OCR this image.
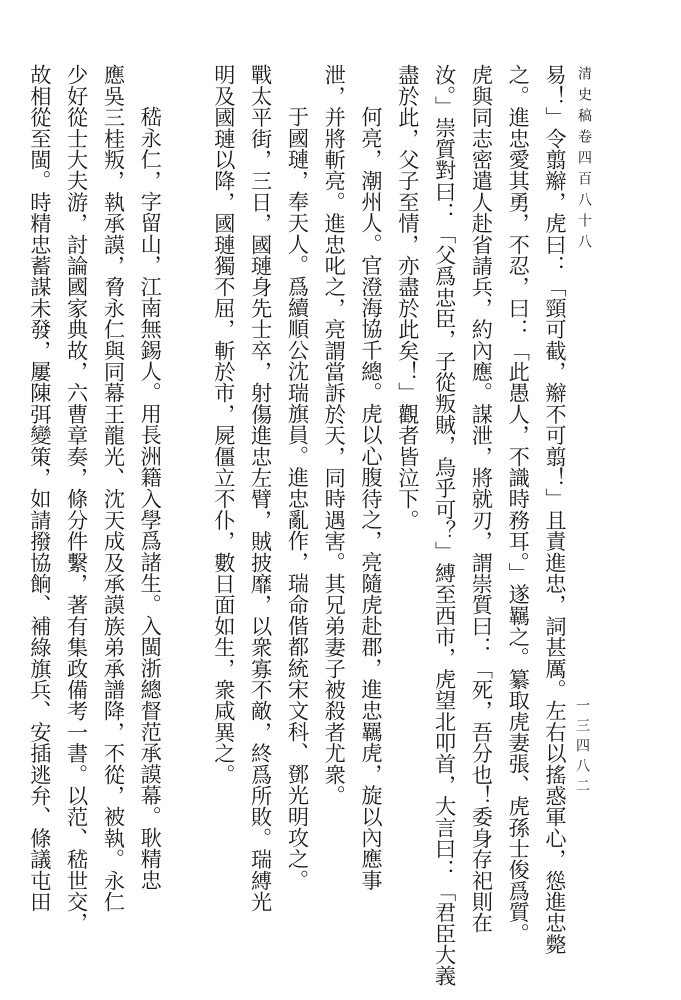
清史稿卷四百八十八
一三四八二
易！」令翦辮，虎曰：「頸可截，辮不可翦！」且責進忠，詞甚厲。左右以搖惑軍心，慫進忠斃
之。進忠愛其勇，不忍，曰：「此愚人，不識時務耳。」遂羈之。纂取虎妻張、虎孫士俊爲質。
虎與同志密遣人赴省請兵，約內應。謀泄，將就刃，謂崇質曰：「死，吾分也！委身存祀則在
汝。」崇質對曰：「父爲忠臣，子從叛賊，烏乎可？」縛至西市，虎望北叩首，大言曰：「君臣大義
盡於此，父子至情，亦盡於此矣！」觀者皆泣下。
何亮，潮州人。官澄海協千總。虎以心腹待之，亮隨虎赴郡，進忠羈虎，旋以內應事
泄，并將斬亮。進忠叱之，亮謂當訴於天，同時遇害。其兄弟妻子被殺者尤衆。
于國璉，奉天人。爲續順公沈瑞旗員。進忠亂作，瑞命偕都統宋文科、鄧光明攻之。
戰太平街，三日，國璉身先士卒，射傷進忠左臂，賊披靡，以衆寡不敵，終爲所敗。瑞縛光
明及國璉以降，國璉獨不屈，斬於市，屍僵立不仆，數日面如生，衆咸異之。
嵇永仁，字留山，江南無錫人。用長洲籍入學爲諸生。入閩浙總督范承謨幕。耿精忠
應吳三桂叛，執承謨，脅永仁與同幕王龍光、沈天成及承謨族弟承譜降，不從，被執。永仁
少好從士大夫游，討論國家典故，六曹章奏，條分件繫，著有集政備考一書。以范、嵇世交，
故相從至閩。時精忠蓄謀未發，屢陳弭變策，如請撥協餉、補綠旗兵、安插逃弁、條議屯田
